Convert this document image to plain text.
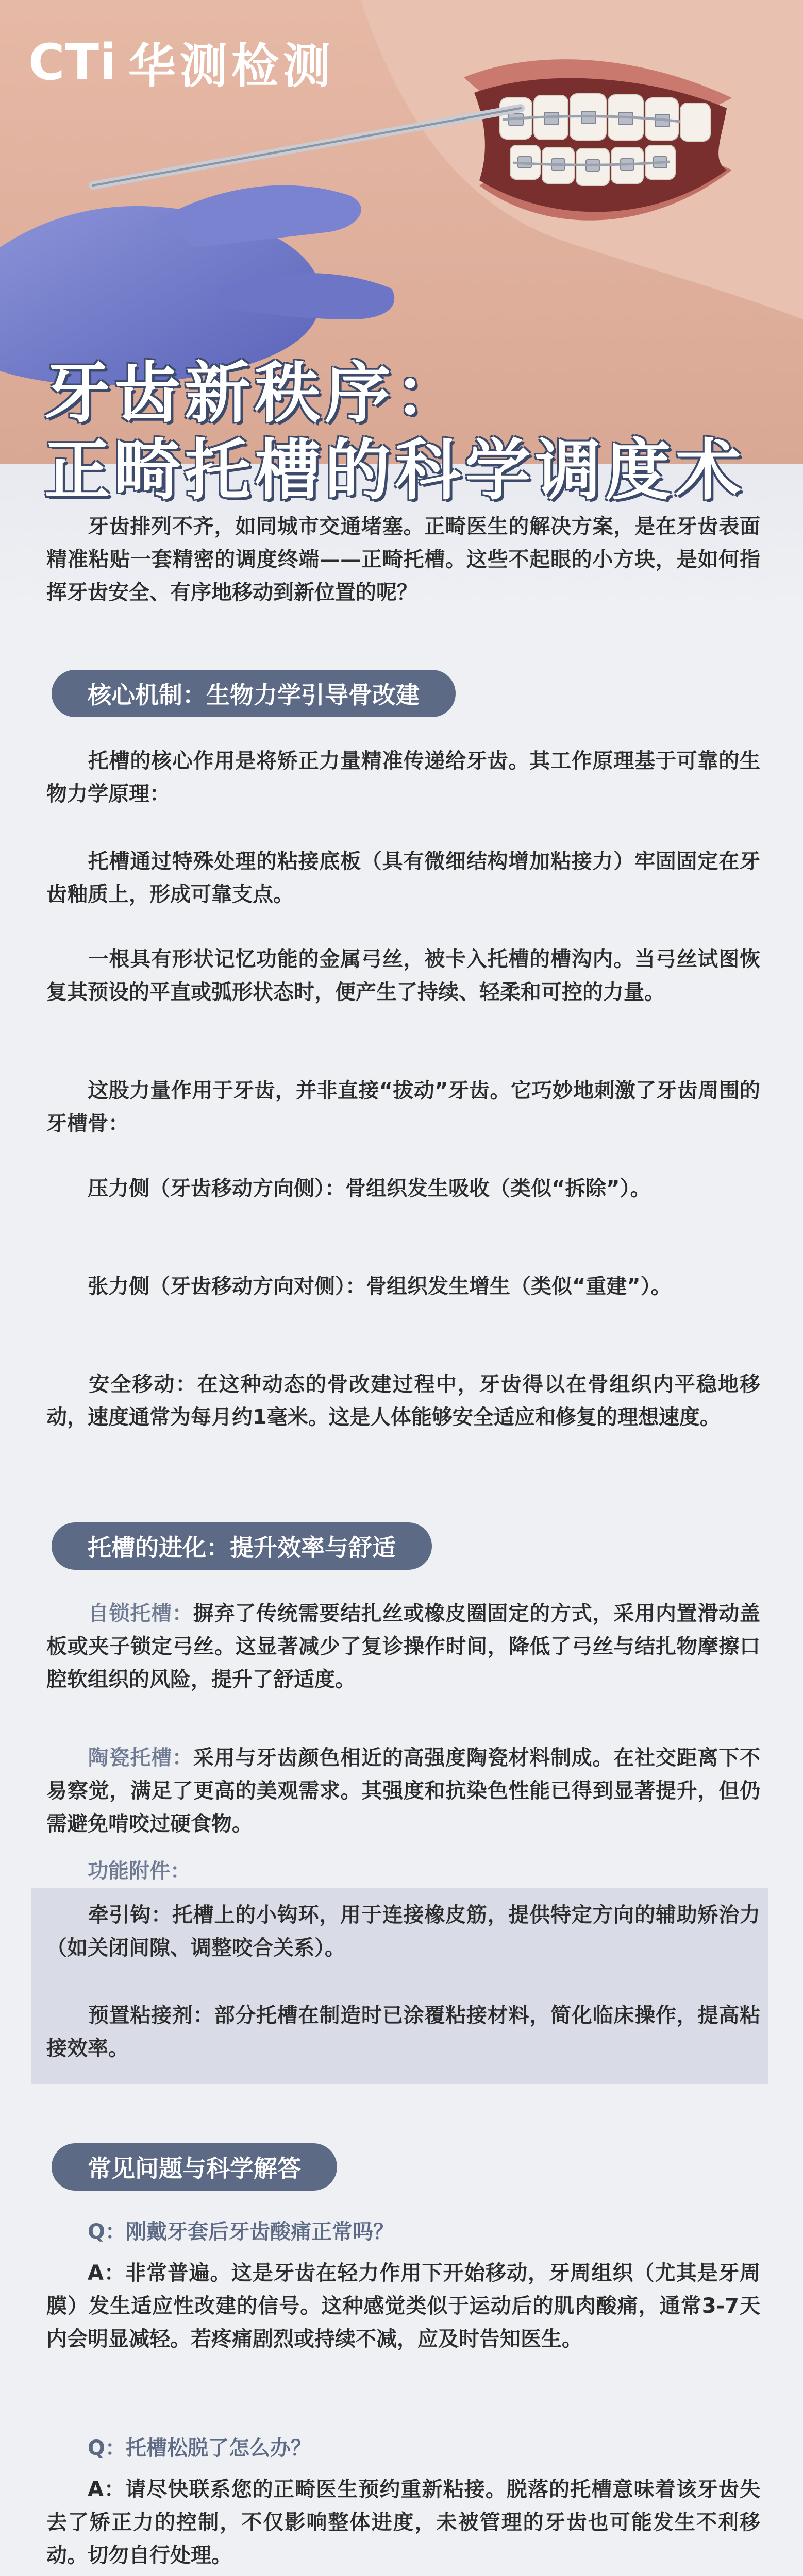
CTi 华测检测
牙齿新秩序：
正畸托槽的科学调度术
牙齿排列不齐，如同城市交通堵塞。正畸医生的解决方案，是在牙齿表面精准粘贴一套精密的调度终端——正畸托槽。这些不起眼的小方块，是如何指挥牙齿安全、有序地移动到新位置的呢？
核心机制：生物力学引导骨改建
托槽的核心作用是将矫正力量精准传递给牙齿。其工作原理基于可靠的生物力学原理：
托槽通过特殊处理的粘接底板（具有微细结构增加粘接力）牢固固定在牙齿釉质上，形成可靠支点。
一根具有形状记忆功能的金属弓丝，被卡入托槽的槽沟内。当弓丝试图恢复其预设的平直或弧形状态时，便产生了持续、轻柔和可控的力量。
这股力量作用于牙齿，并非直接“拔动”牙齿。它巧妙地刺激了牙齿周围的牙槽骨：
压力侧（牙齿移动方向侧）：骨组织发生吸收（类似“拆除”）。
张力侧（牙齿移动方向对侧）：骨组织发生增生（类似“重建”）。
安全移动：在这种动态的骨改建过程中，牙齿得以在骨组织内平稳地移动，速度通常为每月约1毫米。这是人体能够安全适应和修复的理想速度。
托槽的进化：提升效率与舒适
自锁托槽：摒弃了传统需要结扎丝或橡皮圈固定的方式，采用内置滑动盖板或夹子锁定弓丝。这显著减少了复诊操作时间，降低了弓丝与结扎物摩擦口腔软组织的风险，提升了舒适度。
陶瓷托槽：采用与牙齿颜色相近的高强度陶瓷材料制成。在社交距离下不易察觉，满足了更高的美观需求。其强度和抗染色性能已得到显著提升，但仍需避免啃咬过硬食物。
功能附件：
牵引钩：托槽上的小钩环，用于连接橡皮筋，提供特定方向的辅助矫治力（如关闭间隙、调整咬合关系）。
预置粘接剂：部分托槽在制造时已涂覆粘接材料，简化临床操作，提高粘接效率。
常见问题与科学解答
Q：刚戴牙套后牙齿酸痛正常吗？
A：非常普遍。这是牙齿在轻力作用下开始移动，牙周组织（尤其是牙周膜）发生适应性改建的信号。这种感觉类似于运动后的肌肉酸痛，通常3-7天内会明显减轻。若疼痛剧烈或持续不减，应及时告知医生。
Q：托槽松脱了怎么办？
A：请尽快联系您的正畸医生预约重新粘接。脱落的托槽意味着该牙齿失去了矫正力的控制，不仅影响整体进度，未被管理的牙齿也可能发生不利移动。切勿自行处理。
